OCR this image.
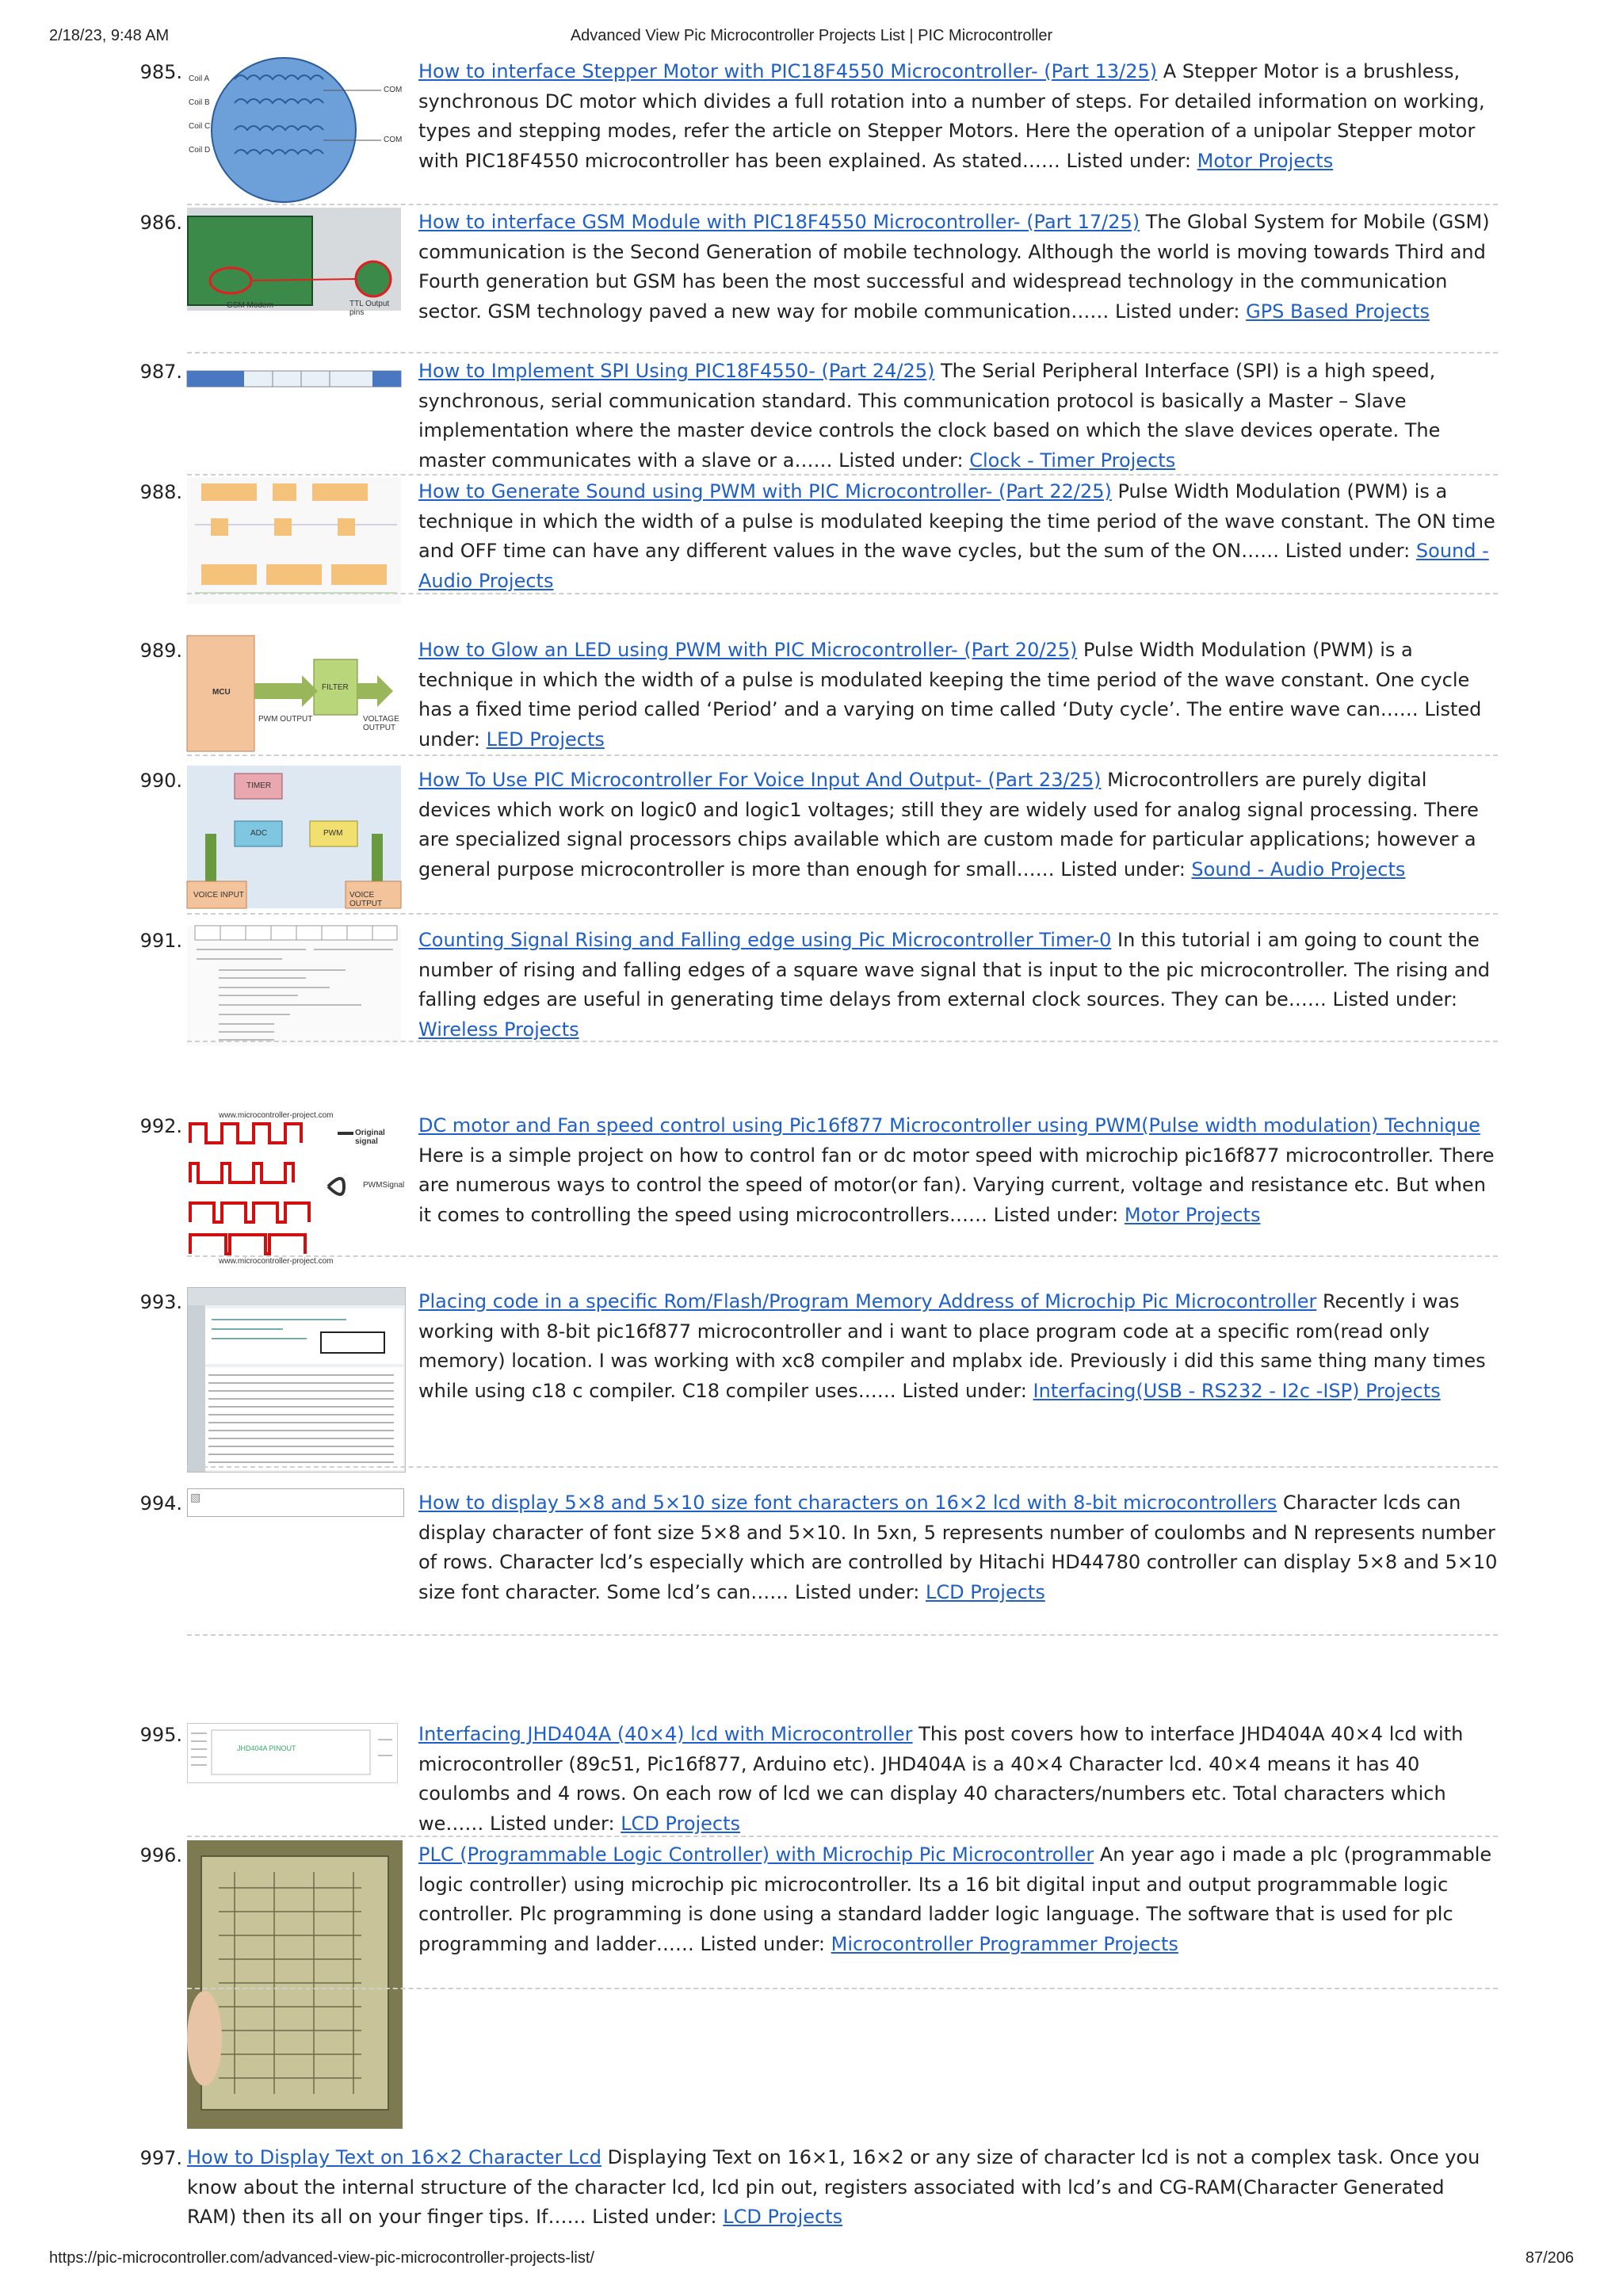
2/18/23, 9:48 AM	Advanced View Pic Microcontroller Projects List | PIC Microcontroller
985. Coil A
Coil B
Coil C
Coil D
COM
COM
How to interface Stepper Motor with PIC18F4550 Microcontroller- (Part 13/25) A Stepper Motor is a brushless, synchronous DC motor which divides a full rotation into a number of steps. For detailed information on working, types and stepping modes, refer the article on Stepper Motors. Here the operation of a unipolar Stepper motor with PIC18F4550 microcontroller has been explained. As stated…… Listed under: Motor Projects
986.
GSM Modem	TTL Output pins
How to interface GSM Module with PIC18F4550 Microcontroller- (Part 17/25) The Global System for Mobile (GSM) communication is the Second Generation of mobile technology. Although the world is moving towards Third and Fourth generation but GSM has been the most successful and widespread technology in the communication sector. GSM technology paved a new way for mobile communication…… Listed under: GPS Based Projects
987.	How to Implement SPI Using PIC18F4550- (Part 24/25) The Serial Peripheral Interface (SPI) is a high speed, synchronous, serial communication standard. This communication protocol is basically a Master – Slave implementation where the master device controls the clock based on which the slave devices operate. The master communicates with a slave or a…… Listed under: Clock - Timer Projects
988.	How to Generate Sound using PWM with PIC Microcontroller- (Part 22/25) Pulse Width Modulation (PWM) is a technique in which the width of a pulse is modulated keeping the time period of the wave constant. The ON time and OFF time can have any different values in the wave cycles, but the sum of the ON…… Listed under: Sound - Audio Projects
989.
MCU
PWM OUTPUT
FILTER
VOLTAGE OUTPUT
How to Glow an LED using PWM with PIC Microcontroller- (Part 20/25) Pulse Width Modulation (PWM) is a technique in which the width of a pulse is modulated keeping the time period of the wave constant. One cycle has a fixed time period called ‘Period’ and a varying on time called ‘Duty cycle’. The entire wave can…… Listed under: LED Projects
990.	TIMER
ADC	PWM
VOICE INPUT	VOICE OUTPUT
How To Use PIC Microcontroller For Voice Input And Output- (Part 23/25) Microcontrollers are purely digital devices which work on logic0 and logic1 voltages; still they are widely used for analog signal processing. There are specialized signal processors chips available which are custom made for particular applications; however a general purpose microcontroller is more than enough for small…… Listed under: Sound - Audio Projects
991.	Counting Signal Rising and Falling edge using Pic Microcontroller Timer-0 In this tutorial i am going to count the number of rising and falling edges of a square wave signal that is input to the pic microcontroller. The rising and falling edges are useful in generating time delays from external clock sources. They can be…… Listed under: Wireless Projects
992.	www.microcontroller-project.com
Original signal
PWMSignal
www.microcontroller-project.com
DC motor and Fan speed control using Pic16f877 Microcontroller using PWM(Pulse width modulation) Technique Here is a simple project on how to control fan or dc motor speed with microchip pic16f877 microcontroller. There are numerous ways to control the speed of motor(or fan). Varying current, voltage and resistance etc. But when it comes to controlling the speed using microcontrollers…… Listed under: Motor Projects
993.	Placing code in a specific Rom/Flash/Program Memory Address of Microchip Pic Microcontroller Recently i was working with 8-bit pic16f877 microcontroller and i want to place program code at a specific rom(read only memory) location. I was working with xc8 compiler and mplabx ide. Previously i did this same thing many times while using c18 c compiler. C18 compiler uses…… Listed under: Interfacing(USB - RS232 - I2c -ISP) Projects
994. ▧	How to display 5×8 and 5×10 size font characters on 16×2 lcd with 8-bit microcontrollers Character lcds can display character of font size 5×8 and 5×10. In 5xn, 5 represents number of coulombs and N represents number of rows. Character lcd’s especially which are controlled by Hitachi HD44780 controller can display 5×8 and 5×10 size font character. Some lcd’s can…… Listed under: LCD Projects
995.
JHD404A PINOUT
Interfacing JHD404A (40×4) lcd with Microcontroller This post covers how to interface JHD404A 40×4 lcd with microcontroller (89c51, Pic16f877, Arduino etc). JHD404A is a 40×4 Character lcd. 40×4 means it has 40 coulombs and 4 rows. On each row of lcd we can display 40 characters/numbers etc. Total characters which we…… Listed under: LCD Projects
996.	PLC (Programmable Logic Controller) with Microchip Pic Microcontroller An year ago i made a plc (programmable logic controller) using microchip pic microcontroller. Its a 16 bit digital input and output programmable logic controller. Plc programming is done using a standard ladder logic language. The software that is used for plc programming and ladder…… Listed under: Microcontroller Programmer Projects
997. How to Display Text on 16×2 Character Lcd Displaying Text on 16×1, 16×2 or any size of character lcd is not a complex task. Once you know about the internal structure of the character lcd, lcd pin out, registers associated with lcd’s and CG-RAM(Character Generated RAM) then its all on your finger tips. If…… Listed under: LCD Projects
https://pic-microcontroller.com/advanced-view-pic-microcontroller-projects-list/	87/206
